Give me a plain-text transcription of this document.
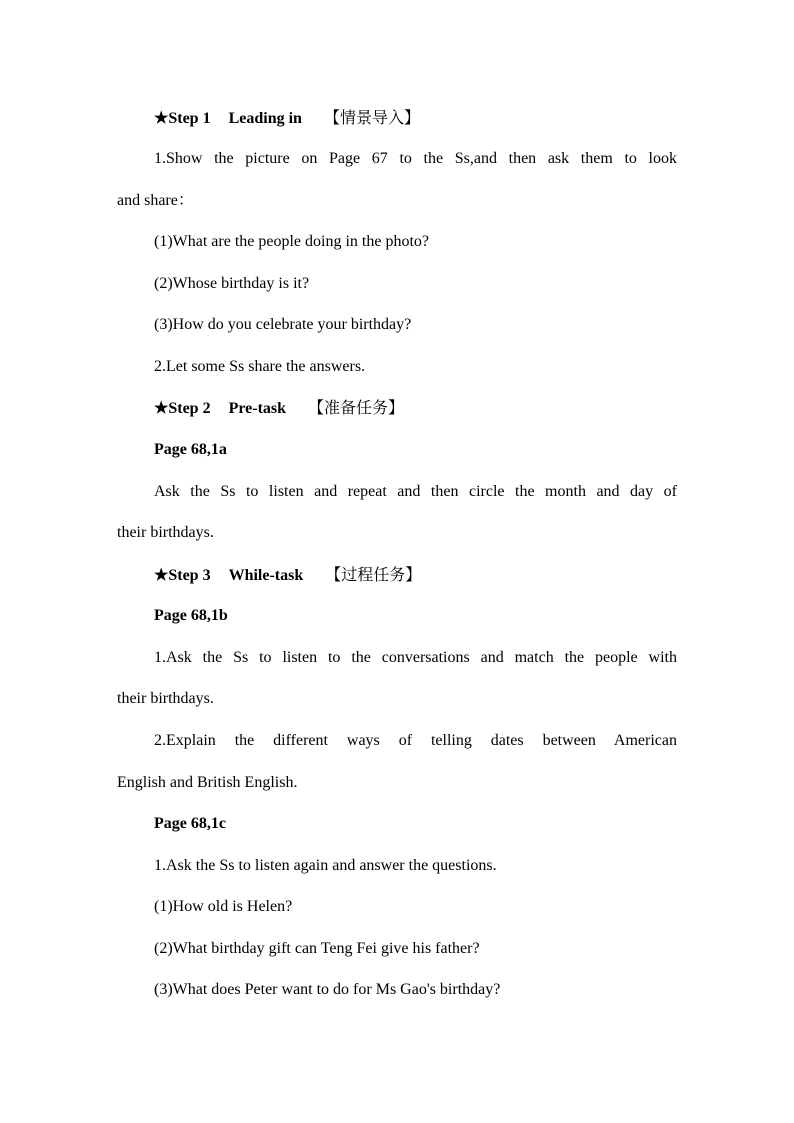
★Step 1 Leading in 【情景导入】
1.Show the picture on Page 67 to the Ss,and then ask them to look
and share：
(1)What are the people doing in the photo?
(2)Whose birthday is it?
(3)How do you celebrate your birthday?
2.Let some Ss share the answers.
★Step 2 Pre-task 【准备任务】
Page 68,1a
Ask the Ss to listen and repeat and then circle the month and day of
their birthdays.
★Step 3 While-task 【过程任务】
Page 68,1b
1.Ask the Ss to listen to the conversations and match the people with
their birthdays.
2.Explain the different ways of telling dates between American
English and British English.
Page 68,1c
1.Ask the Ss to listen again and answer the questions.
(1)How old is Helen?
(2)What birthday gift can Teng Fei give his father?
(3)What does Peter want to do for Ms Gao's birthday?
